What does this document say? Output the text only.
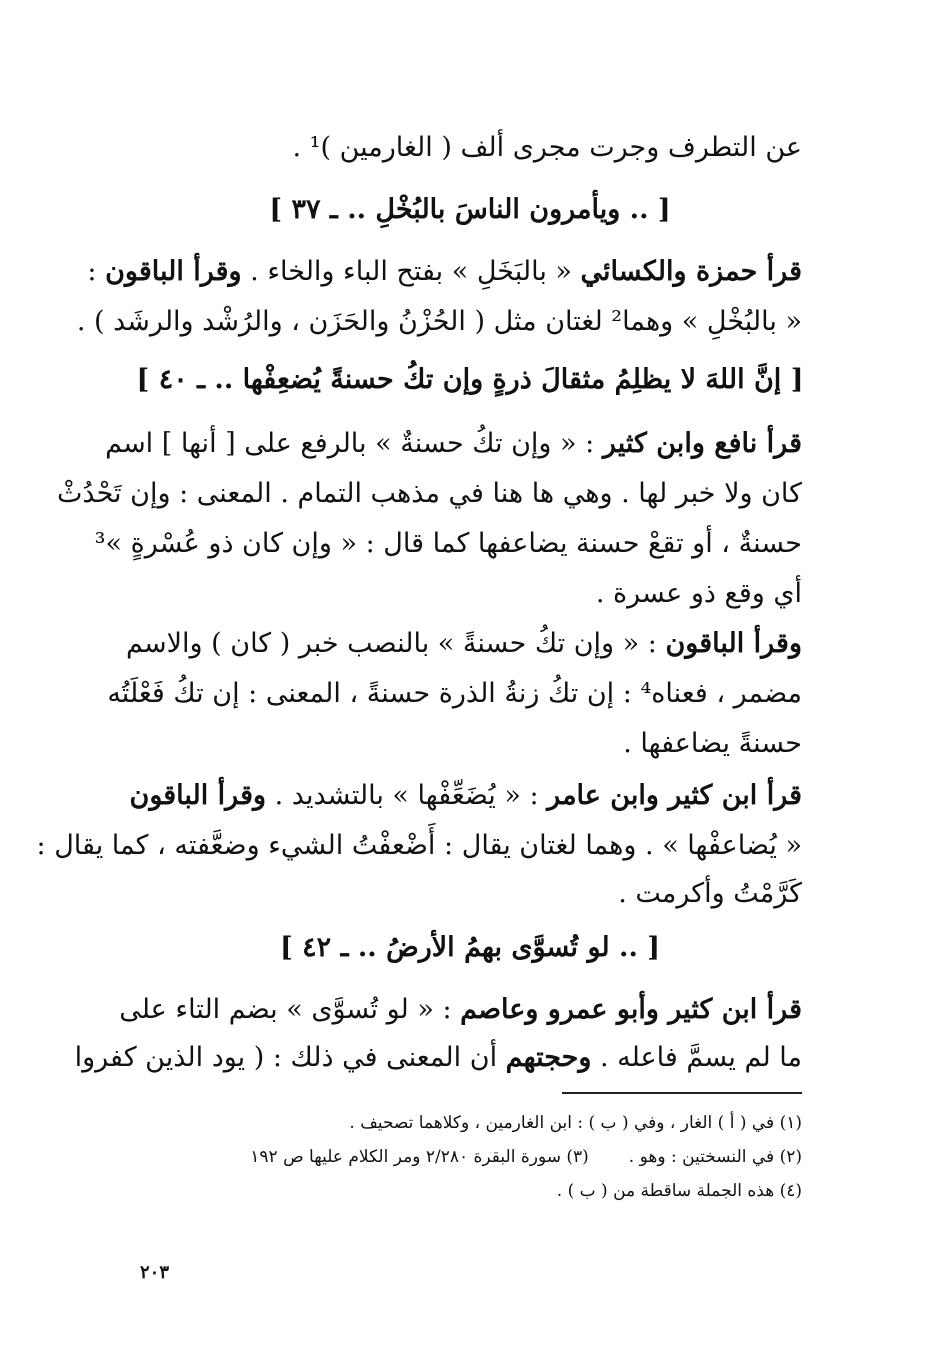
عن التطرف وجرت مجرى ألف ( الغارمين )¹ .
[ .. ويأمرون الناسَ بالبُخْلِ .. ـ ٣٧ ]
قرأ حمزة والكسائي « بالبَخَلِ » بفتح الباء والخاء . وقرأ الباقون :
« بالبُخْلِ » وهما² لغتان مثل ( الحُزْنُ والحَزَن ، والرُشْد والرشَد ) .
[ إنَّ اللهَ لا يظلِمُ مثقالَ ذرةٍ وإن تكُ حسنةً يُضعِفْها .. ـ ٤٠ ]
قرأ نافع وابن كثير : « وإن تكُ حسنةٌ » بالرفع على [ أنها ] اسم
كان ولا خبر لها . وهي ها هنا في مذهب التمام . المعنى : وإن تَحْدُثْ
حسنةٌ ، أو تقعْ حسنة يضاعفها كما قال : « وإن كان ذو عُسْرةٍ »³
أي وقع ذو عسرة .
وقرأ الباقون : « وإن تكُ حسنةً » بالنصب خبر ( كان ) والاسم
مضمر ، فعناه⁴ : إن تكُ زنةُ الذرة حسنةً ، المعنى : إن تكُ فَعْلَتُه
حسنةً يضاعفها .
قرأ ابن كثير وابن عامر : « يُضَعِّفْها » بالتشديد . وقرأ الباقون
« يُضاعفْها » . وهما لغتان يقال : أَضْعفْتُ الشيء وضعَّفته ، كما يقال :
كَرَّمْتُ وأكرمت .
[ .. لو تُسوَّى بهمُ الأرضُ .. ـ ٤٢ ]
قرأ ابن كثير وأبو عمرو وعاصم : « لو تُسوَّى » بضم التاء على
ما لم يسمَّ فاعله . وحجتهم أن المعنى في ذلك : ( يود الذين كفروا
(١) في ( أ ) الغار ، وفي ( ب ) : ابن الغارمين ، وكلاهما تصحيف .
(٢) في النسختين : وهو .(٣) سورة البقرة ٢/٢٨٠ ومر الكلام عليها ص ١٩٢
(٤) هذه الجملة ساقطة من ( ب ) .
٢٠٣
